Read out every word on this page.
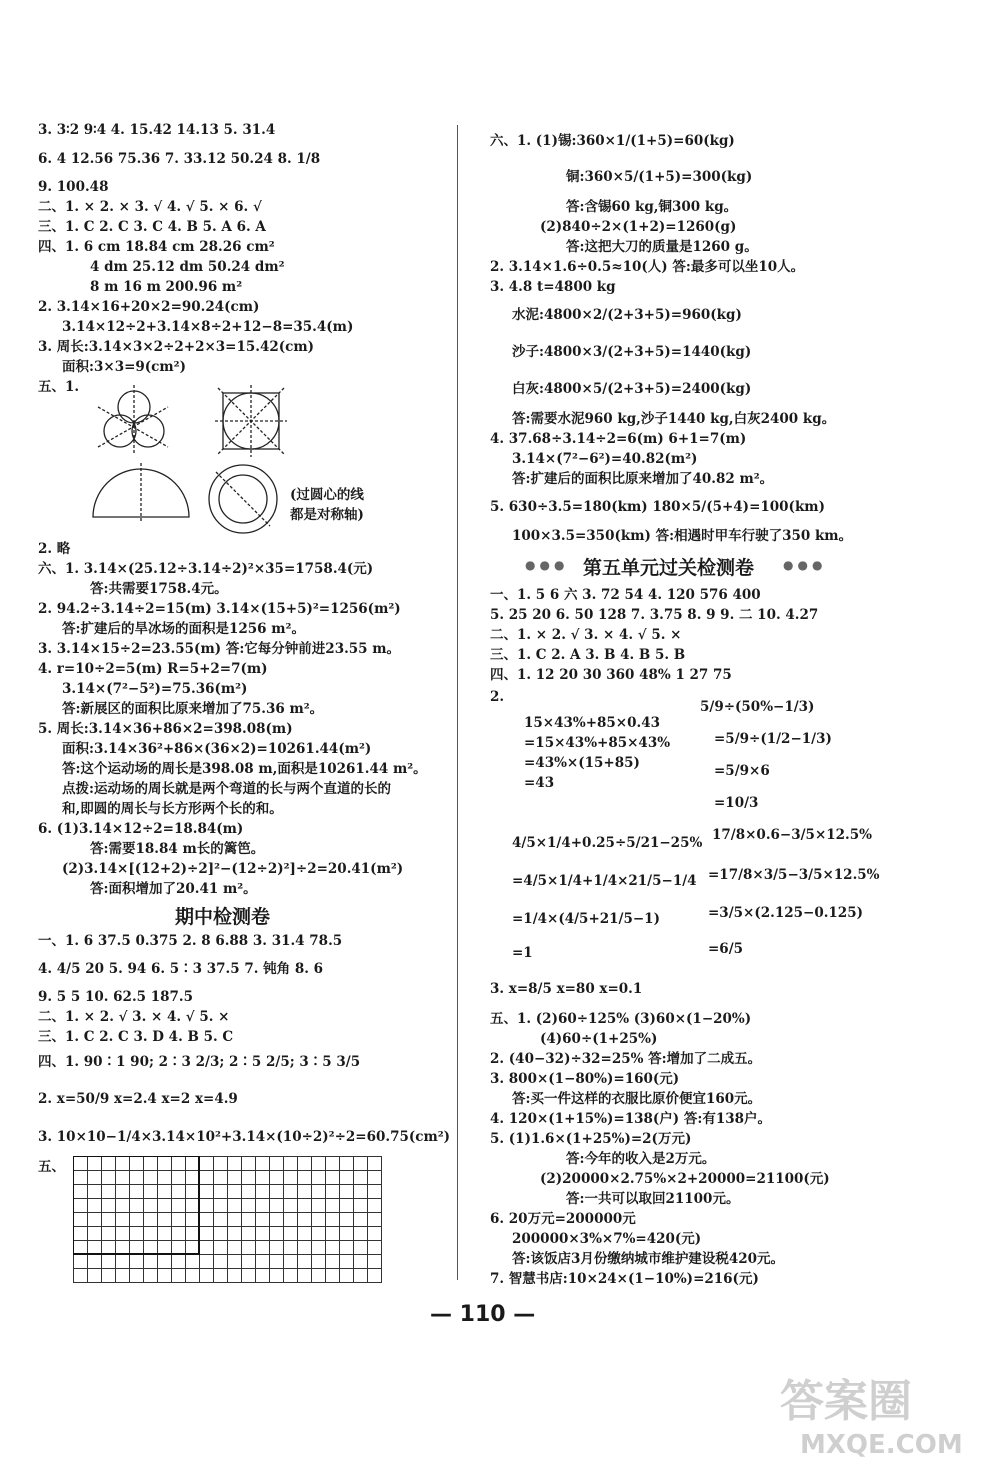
3. 3∶2 9∶4 4. 15.42 14.13 5. 31.4
6. 4 12.56 75.36 7. 33.12 50.24 8. 1/8
9. 100.48
二、1. × 2. × 3. √ 4. √ 5. × 6. √
三、1. C 2. C 3. C 4. B 5. A 6. A
四、1. 6 cm 18.84 cm 28.26 cm²
4 dm 25.12 dm 50.24 dm²
8 m 16 m 200.96 m²
2. 3.14×16+20×2=90.24(cm)
3.14×12÷2+3.14×8÷2+12−8=35.4(m)
3. 周长:3.14×3×2÷2+2×3=15.42(cm)
面积:3×3=9(cm²)
五、1.
(过圆心的线
都是对称轴)
2. 略
六、1. 3.14×(25.12÷3.14÷2)²×35=1758.4(元)
答:共需要1758.4元。
2. 94.2÷3.14÷2=15(m) 3.14×(15+5)²=1256(m²)
答:扩建后的旱冰场的面积是1256 m²。
3. 3.14×15÷2=23.55(m) 答:它每分钟前进23.55 m。
4. r=10÷2=5(m) R=5+2=7(m)
3.14×(7²−5²)=75.36(m²)
答:新展区的面积比原来增加了75.36 m²。
5. 周长:3.14×36+86×2=398.08(m)
面积:3.14×36²+86×(36×2)=10261.44(m²)
答:这个运动场的周长是398.08 m,面积是10261.44 m²。
点拨:运动场的周长就是两个弯道的长与两个直道的长的
和,即圆的周长与长方形两个长的和。
6. (1)3.14×12÷2=18.84(m)
答:需要18.84 m长的篱笆。
(2)3.14×[(12+2)÷2]²−(12÷2)²]÷2=20.41(m²)
答:面积增加了20.41 m²。
期中检测卷
一、1. 6 37.5 0.375 2. 8 6.88 3. 31.4 78.5
4. 4/5 20 5. 94 6. 5∶3 37.5 7. 钝角 8. 6
9. 5 5 10. 62.5 187.5
二、1. × 2. √ 3. × 4. √ 5. ×
三、1. C 2. C 3. D 4. B 5. C
四、1. 90∶1 90; 2∶3 2/3; 2∶5 2/5; 3∶5 3/5
2. x=50/9 x=2.4 x=2 x=4.9
3. 10×10−1/4×3.14×10²+3.14×(10÷2)²÷2=60.75(cm²)
五、
六、1. (1)锡:360×1/(1+5)=60(kg)
铜:360×5/(1+5)=300(kg)
答:含锡60 kg,铜300 kg。
(2)840÷2×(1+2)=1260(g)
答:这把大刀的质量是1260 g。
2. 3.14×1.6÷0.5≈10(人) 答:最多可以坐10人。
3. 4.8 t=4800 kg
水泥:4800×2/(2+3+5)=960(kg)
沙子:4800×3/(2+3+5)=1440(kg)
白灰:4800×5/(2+3+5)=2400(kg)
答:需要水泥960 kg,沙子1440 kg,白灰2400 kg。
4. 37.68÷3.14÷2=6(m) 6+1=7(m)
3.14×(7²−6²)=40.82(m²)
答:扩建后的面积比原来增加了40.82 m²。
5. 630÷3.5=180(km) 180×5/(5+4)=100(km)
100×3.5=350(km) 答:相遇时甲车行驶了350 km。
第五单元过关检测卷
●●●	●●●
一、1. 5 6 六 3. 72 54 4. 120 576 400
5. 25 20 6. 50 128 7. 3.75 8. 9 9. 二 10. 4.27
二、1. × 2. √ 3. × 4. √ 5. ×
三、1. C 2. A 3. B 4. B 5. B
四、1. 12 20 30 360 48% 1 27 75
2.
15×43%+85×0.43
=15×43%+85×43%
=43%×(15+85)
=43
5/9÷(50%−1/3)
=5/9÷(1/2−1/3)
=5/9×6
=10/3
4/5×1/4+0.25÷5/21−25%
=4/5×1/4+1/4×21/5−1/4
=1/4×(4/5+21/5−1)
=1
17/8×0.6−3/5×12.5%
=17/8×3/5−3/5×12.5%
=3/5×(2.125−0.125)
=6/5
3. x=8/5 x=80 x=0.1
五、1. (2)60÷125% (3)60×(1−20%)
(4)60÷(1+25%)
2. (40−32)÷32=25% 答:增加了二成五。
3. 800×(1−80%)=160(元)
答:买一件这样的衣服比原价便宜160元。
4. 120×(1+15%)=138(户) 答:有138户。
5. (1)1.6×(1+25%)=2(万元)
答:今年的收入是2万元。
(2)20000×2.75%×2+20000=21100(元)
答:一共可以取回21100元。
6. 20万元=200000元
200000×3%×7%=420(元)
答:该饭店3月份缴纳城市维护建设税420元。
7. 智慧书店:10×24×(1−10%)=216(元)
— 110 —
答案圈
MXQE.COM
